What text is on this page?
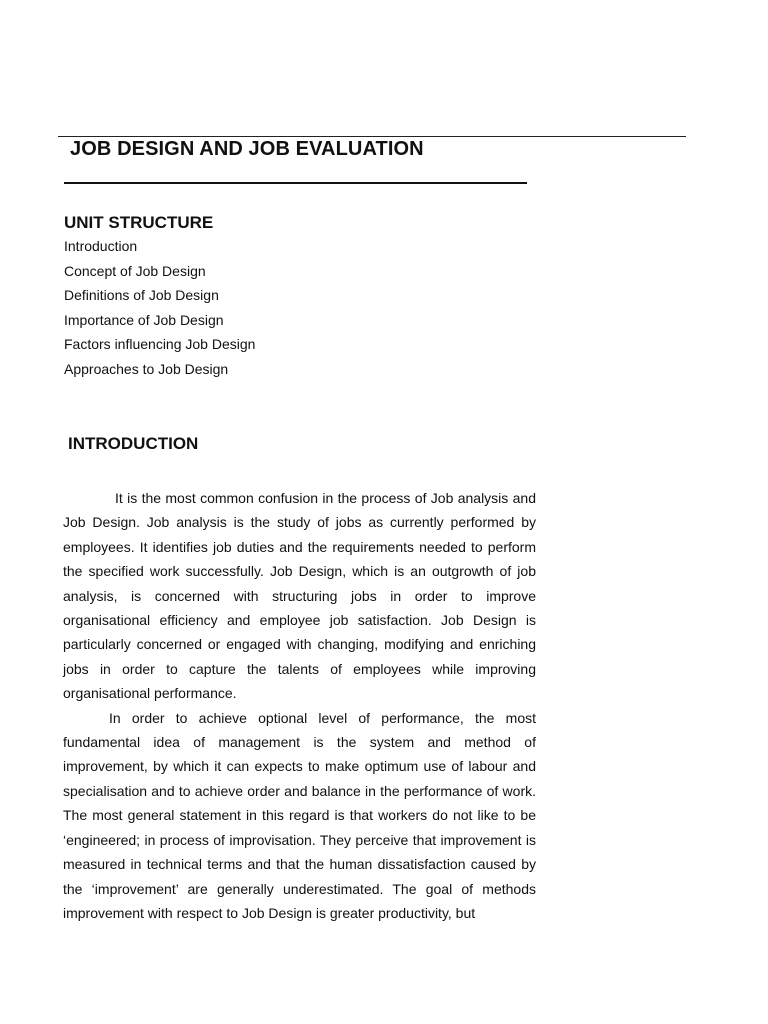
JOB DESIGN AND JOB EVALUATION
UNIT STRUCTURE
Introduction
Concept of Job Design
Definitions of Job Design
Importance of Job Design
Factors influencing Job Design
Approaches to Job Design
INTRODUCTION

It is the most common confusion in the process of Job analysis and Job Design. Job analysis is the study of jobs as currently performed by employees. It identifies job duties and the requirements needed to perform the specified work successfully. Job Design, which is an outgrowth of job analysis, is concerned with structuring jobs in order to improve organisational efficiency and employee job satisfaction. Job Design is particularly concerned or engaged with changing, modifying and enriching jobs in order to capture the talents of employees while improving organisational performance.

In order to achieve optional level of performance, the most fundamental idea of management is the system and method of improvement, by which it can expects to make optimum use of labour and specialisation and to achieve order and balance in the performance of work. The most general statement in this regard is that workers do not like to be ‘engineered; in process of improvisation. They perceive that improvement is measured in technical terms and that the human dissatisfaction caused by the ‘improvement’ are generally underestimated. The goal of methods improvement with respect to Job Design is greater productivity, but
